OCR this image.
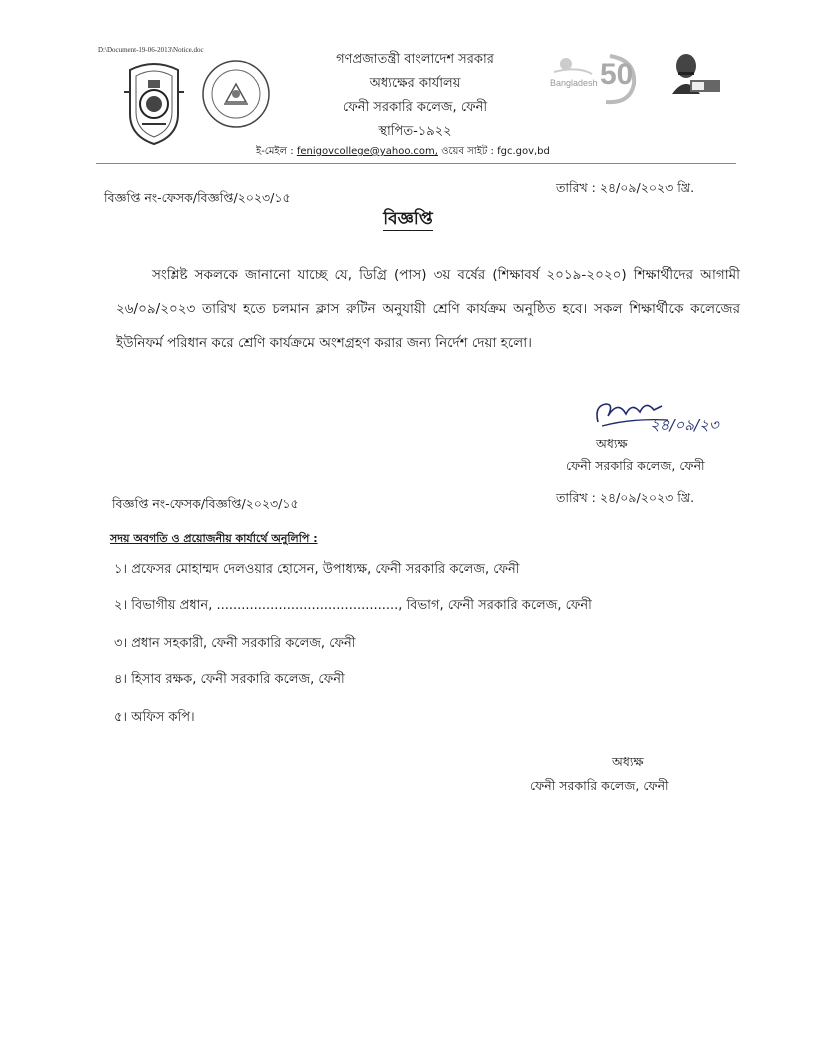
D:\Document-19-06-2013\Notice.doc
গণপ্রজাতন্ত্রী বাংলাদেশ সরকার
অধ্যক্ষের কার্যালয়
ফেনী সরকারি কলেজ, ফেনী
স্থাপিত-১৯২২
ই-মেইল : fenigovcollege@yahoo.com, ওয়েব সাইট : fgc.gov,bd
Bangladesh 50
বিজ্ঞপ্তি নং-ফেসক/বিজ্ঞপ্তি/২০২৩/১৫
তারিখ : ২৪/০৯/২০২৩ খ্রি.
বিজ্ঞপ্তি
সংশ্লিষ্ট সকলকে জানানো যাচ্ছে যে, ডিগ্রি (পাস) ৩য় বর্ষের (শিক্ষাবর্ষ ২০১৯-২০২০) শিক্ষার্থীদের আগামী ২৬/০৯/২০২৩ তারিখ হতে চলমান ক্লাস রুটিন অনুযায়ী শ্রেণি কার্যক্রম অনুষ্ঠিত হবে। সকল শিক্ষার্থীকে কলেজের ইউনিফর্ম পরিধান করে শ্রেণি কার্যক্রমে অংশগ্রহণ করার জন্য নির্দেশ দেয়া হলো।
২৪/০৯/২৩
অধ্যক্ষ
ফেনী সরকারি কলেজ, ফেনী
বিজ্ঞপ্তি নং-ফেসক/বিজ্ঞপ্তি/২০২৩/১৫	তারিখ : ২৪/০৯/২০২৩ খ্রি.
সদয় অবগতি ও প্রয়োজনীয় কার্যার্থে অনুলিপি :
১। প্রফেসর মোহাম্মদ দেলওয়ার হোসেন, উপাধ্যক্ষ, ফেনী সরকারি কলেজ, ফেনী
২। বিভাগীয় প্রধান, ............................................, বিভাগ, ফেনী সরকারি কলেজ, ফেনী
৩। প্রধান সহকারী, ফেনী সরকারি কলেজ, ফেনী
৪। হিসাব রক্ষক, ফেনী সরকারি কলেজ, ফেনী
৫। অফিস কপি।
অধ্যক্ষ
ফেনী সরকারি কলেজ, ফেনী
